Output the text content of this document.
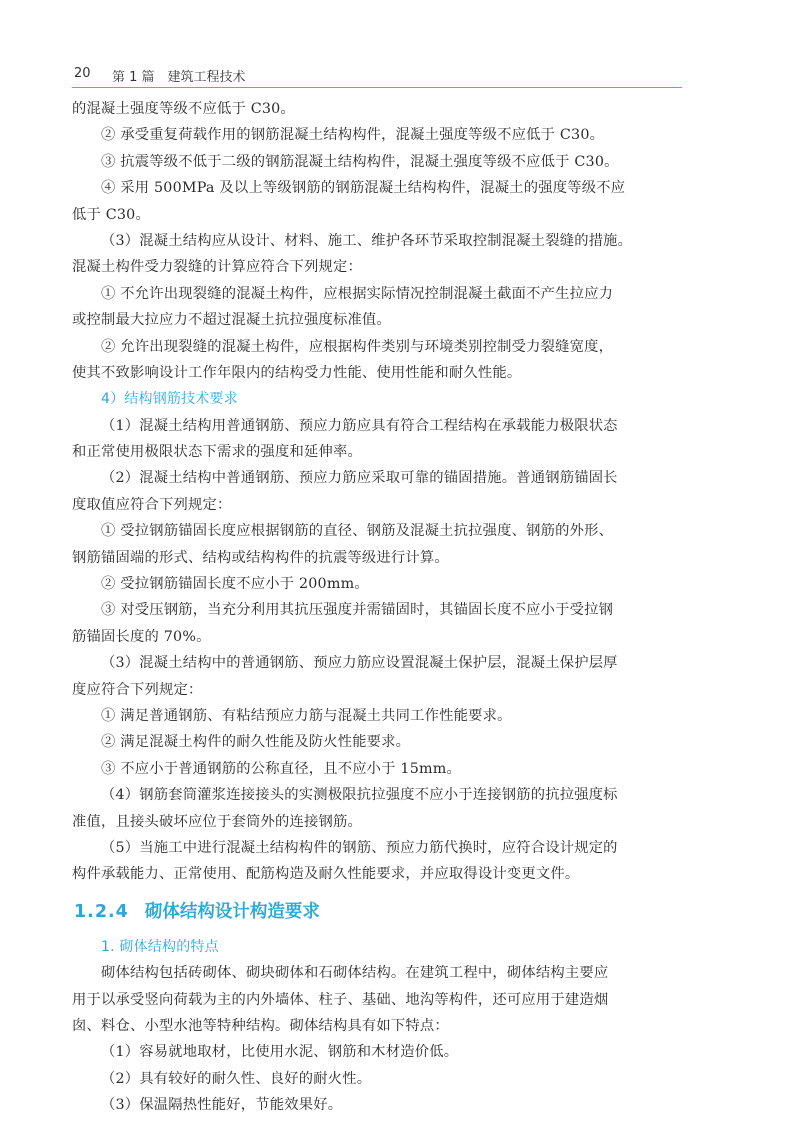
20 第 1 篇　建筑工程技术
的混凝土强度等级不应低于 C30。
② 承受重复荷载作用的钢筋混凝土结构构件，混凝土强度等级不应低于 C30。
③ 抗震等级不低于二级的钢筋混凝土结构构件，混凝土强度等级不应低于 C30。
④ 采用 500MPa 及以上等级钢筋的钢筋混凝土结构构件，混凝土的强度等级不应
低于 C30。
（3）混凝土结构应从设计、材料、施工、维护各环节采取控制混凝土裂缝的措施。
混凝土构件受力裂缝的计算应符合下列规定：
① 不允许出现裂缝的混凝土构件，应根据实际情况控制混凝土截面不产生拉应力
或控制最大拉应力不超过混凝土抗拉强度标准值。
② 允许出现裂缝的混凝土构件，应根据构件类别与环境类别控制受力裂缝宽度，
使其不致影响设计工作年限内的结构受力性能、使用性能和耐久性能。
4）结构钢筋技术要求
（1）混凝土结构用普通钢筋、预应力筋应具有符合工程结构在承载能力极限状态
和正常使用极限状态下需求的强度和延伸率。
（2）混凝土结构中普通钢筋、预应力筋应采取可靠的锚固措施。普通钢筋锚固长
度取值应符合下列规定：
① 受拉钢筋锚固长度应根据钢筋的直径、钢筋及混凝土抗拉强度、钢筋的外形、
钢筋锚固端的形式、结构或结构构件的抗震等级进行计算。
② 受拉钢筋锚固长度不应小于 200mm。
③ 对受压钢筋，当充分利用其抗压强度并需锚固时，其锚固长度不应小于受拉钢
筋锚固长度的 70%。
（3）混凝土结构中的普通钢筋、预应力筋应设置混凝土保护层，混凝土保护层厚
度应符合下列规定：
① 满足普通钢筋、有粘结预应力筋与混凝土共同工作性能要求。
② 满足混凝土构件的耐久性能及防火性能要求。
③ 不应小于普通钢筋的公称直径，且不应小于 15mm。
（4）钢筋套筒灌浆连接接头的实测极限抗拉强度不应小于连接钢筋的抗拉强度标
准值，且接头破坏应位于套筒外的连接钢筋。
（5）当施工中进行混凝土结构构件的钢筋、预应力筋代换时，应符合设计规定的
构件承载能力、正常使用、配筋构造及耐久性能要求，并应取得设计变更文件。
1.2.4 砌体结构设计构造要求
1. 砌体结构的特点
砌体结构包括砖砌体、砌块砌体和石砌体结构。在建筑工程中，砌体结构主要应
用于以承受竖向荷载为主的内外墙体、柱子、基础、地沟等构件，还可应用于建造烟
囱、料仓、小型水池等特种结构。砌体结构具有如下特点：
（1）容易就地取材，比使用水泥、钢筋和木材造价低。
（2）具有较好的耐久性、良好的耐火性。
（3）保温隔热性能好，节能效果好。
